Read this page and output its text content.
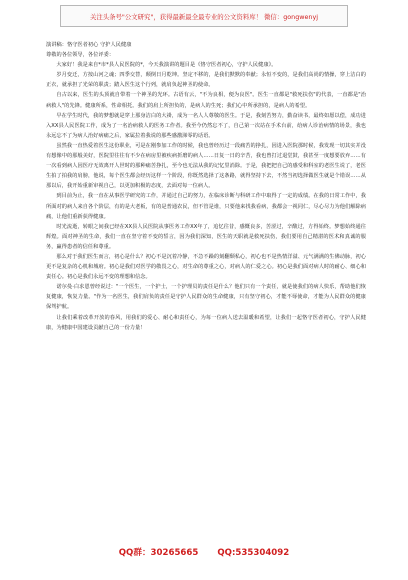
关注头条号"公文研究"，获得最新最全最专业的公文资料库！ 微信：gongwenyj

演讲稿：恪守医者初心 守护人民健康

尊敬的各位领导，各位评委：

大家好！我是来自*市*县人民医院的*，今天我演讲的题目是《恪守医者初心，守护人民健康》。

岁月变迁，方按山河之魂；四季交替，颠倒日月乾坤。坚定不移的，是我们默默的奉献；永恒不变的，是我们高尚的情操，穿上洁白的正衣，就承担了光荣的职责；踏入医生这个行列，就肩负起神圣的使命。

自古以来，医生的头顶就自带着一个神圣的光环。古语有云，"不为良相，便为良医"。医生一直都是"救死扶伤"的代表，一直都是"治病救人"的先锋。健康所系，性命相托。我们的肩上所担负的，是病人的生死；我们心中所承担的，是病人的希望。

早在学生时代，我的梦想就是穿上那身洁白的大褂，成为一名人人尊敬的医生。于是，我刻苦努力，勤奋读书，最终如愿以偿，成功进入XX县人民医院工作，成为了一名治病救人的医务工作者。我至今仍然忘不了，自己第一次站在手术台前，给病人诊治病情的场景，我也永远忘不了为病人治好病痛之后，家属拉着我说的那些感激涕零的话语。

虽然我一直热爱着医生这份职业，可是在刚参加工作的时候，我也曾经历过一段痛苦的挣扎，因进入医院那时候，我发现一切其实并没有想像中的那般美好，医院里往往有不少在病房里被疾病折磨的病人……日复一日的辛苦，我也曾打过退堂鼓，我甚至一度想要放弃……有一次看到病人因医疗无效离开人世时的那种痛苦挣扎，至今也无法从我的记忆里消除。于是，我把把自己的感受和科室的老医生说了，老医生拍了拍我的肩膀，他说，每个医生都会经历这样一个阶段，你既然选择了这条路，就得坚持下去，不然当初选择做医生就是个错误……从那以后，我开始重新审视自己，以更加积极的态度，去面对每一位病人。

到目前为止，我一直在从事医学研究的工作，并通过自己的努力，在临床诊断与科研工作中取得了一定的成绩。在我的日常工作中，我所面对的病人来自各个阶层，有的是大老板，有的是普通农民，但不管是谁，只要他来找我看病，我都会一视同仁，尽心尽力为他们解除病痛，让他们重新获得健康。

时光流逝，转眼之间我已经在XX县人民医院从事医务工作XX年了，追忆往昔，感慨良多，苦涩过，辛酸过，方得始终。梦想始终通往辉煌。面对神圣的生命，我们一直在坚守着不变的誓言，因为我们深知，医生的天职就是救死扶伤，我们要用自己精湛的医术和真诚的服务，赢得患者的信任和尊重。

那么对于我们医生而言，初心是什么？初心不是沉着冷静，不急不躁的刻翻颓私心，初心也不是热情洋溢、元气满满的生佛动脉，初心更不是复杂的心机和城府。初心是我们对医学的敬畏之心，对生命的尊重之心，对病人的仁爱之心。初心是我们面对病人时的耐心、细心和责任心。初心是我们永远不变的理想和信念。

诺尔曼·白求恩曾经说过："一个医生，一个护士，一个护理员的责任是什么？他们只有一个责任，就是使我们的病人快乐，帮助他们恢复健康，恢复力量。"作为一名医生，我们肩负的责任是守护人民群众的生命健康，只有坚守初心，才能不辱使命，才能为人民群众的健康保驾护航。

让我们乘着改革开放的春风，用我们的爱心、耐心和责任心，为每一位病人送去温暖和希望，让我们一起恪守医者初心，守护人民健康，为健康中国建设贡献自己的一份力量！

QQ群：30265665 QQ:535304092
